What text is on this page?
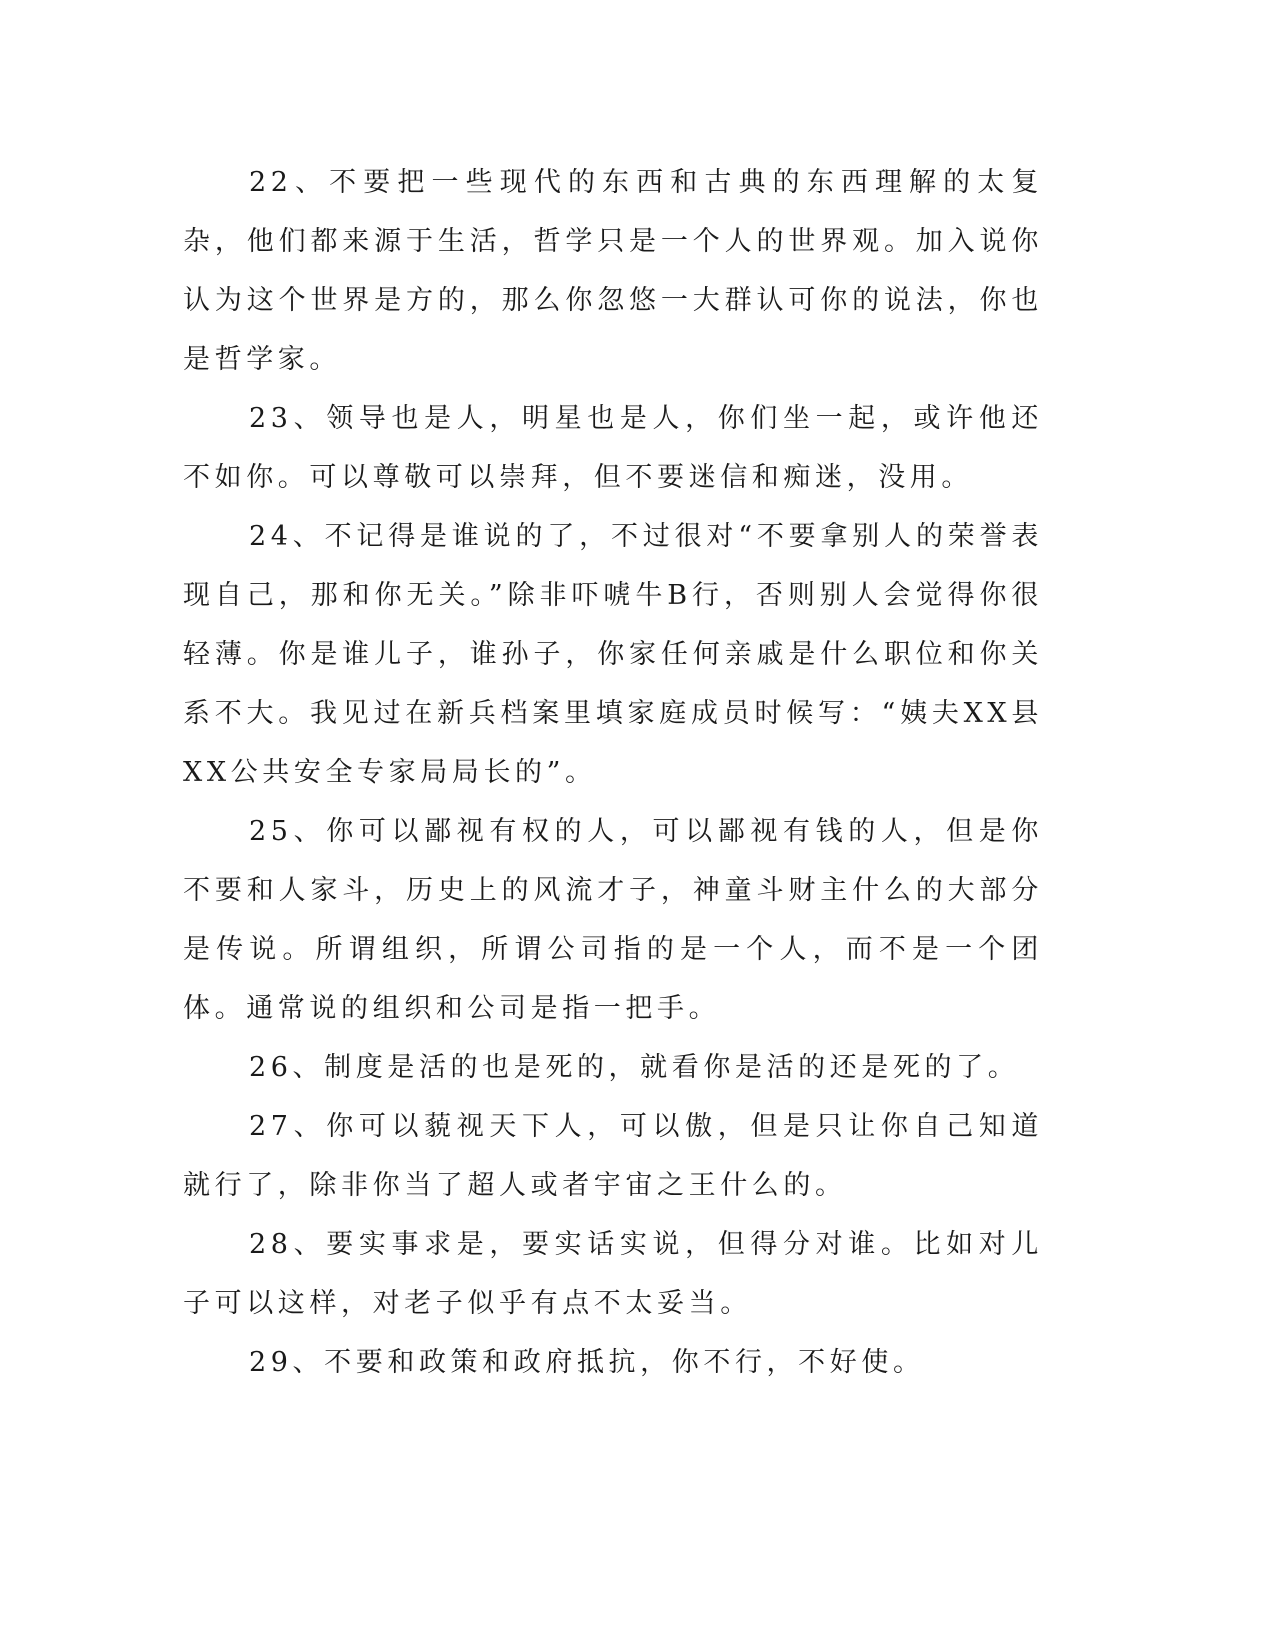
22、不要把一些现代的东西和古典的东西理解的太复杂，他们都来源于生活，哲学只是一个人的世界观。加入说你认为这个世界是方的，那么你忽悠一大群认可你的说法，你也是哲学家。

23、领导也是人，明星也是人，你们坐一起，或许他还不如你。可以尊敬可以崇拜，但不要迷信和痴迷，没用。

24、不记得是谁说的了，不过很对“不要拿别人的荣誉表现自己，那和你无关。”除非吓唬牛B行，否则别人会觉得你很轻薄。你是谁儿子，谁孙子，你家任何亲戚是什么职位和你关系不大。我见过在新兵档案里填家庭成员时候写：“姨夫XX县XX公共安全专家局局长的”。

25、你可以鄙视有权的人，可以鄙视有钱的人，但是你不要和人家斗，历史上的风流才子，神童斗财主什么的大部分是传说。所谓组织，所谓公司指的是一个人，而不是一个团体。通常说的组织和公司是指一把手。

26、制度是活的也是死的，就看你是活的还是死的了。

27、你可以藐视天下人，可以傲，但是只让你自己知道就行了，除非你当了超人或者宇宙之王什么的。

28、要实事求是，要实话实说，但得分对谁。比如对儿子可以这样，对老子似乎有点不太妥当。

29、不要和政策和政府抵抗，你不行，不好使。
